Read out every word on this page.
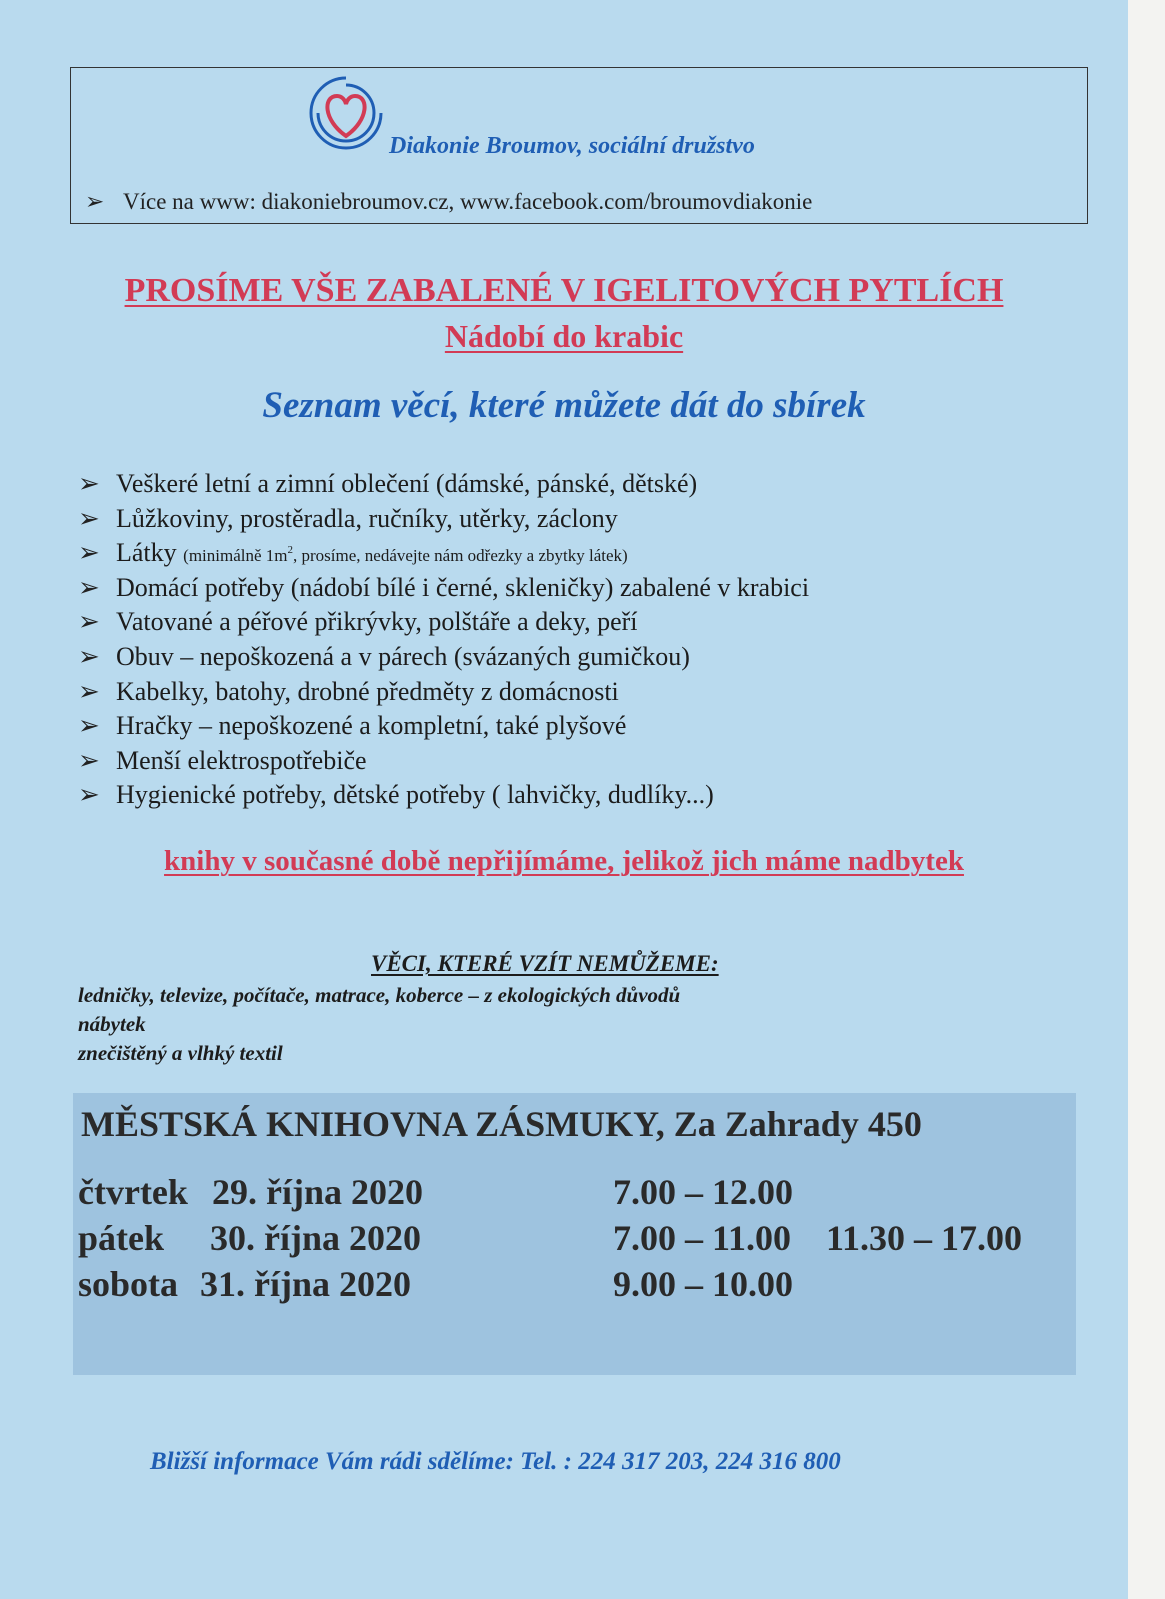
Diakonie Broumov, sociální družstvo
➢ Více na www: diakoniebroumov.cz, www.facebook.com/broumovdiakonie
PROSÍME VŠE ZABALENÉ V IGELITOVÝCH PYTLÍCH
Nádobí do krabic
Seznam věcí, které můžete dát do sbírek
➢ Veškeré letní a zimní oblečení (dámské, pánské, dětské)
➢ Lůžkoviny, prostěradla, ručníky, utěrky, záclony
➢ Látky (minimálně $1m^2$, prosíme, nedávejte nám odřezky a zbytky látek)
➢ Domácí potřeby (nádobí bílé i černé, skleničky) zabalené v krabici
➢ Vatované a péřové přikrývky, polštáře a deky, peří
➢ Obuv – nepoškozená a v párech (svázaných gumičkou)
➢ Kabelky, batohy, drobné předměty z domácnosti
➢ Hračky – nepoškozené a kompletní, také plyšové
➢ Menší elektrospotřebiče
➢ Hygienické potřeby, dětské potřeby ( lahvičky, dudlíky...)
knihy v současné době nepřijímáme, jelikož jich máme nadbytek
VĚCI, KTERÉ VZÍT NEMŮŽEME:
ledničky, televize, počítače, matrace, koberce – z ekologických důvodů
nábytek
znečištěný a vlhký textil
MĚSTSKÁ KNIHOVNA ZÁSMUKY, Za Zahrady 450
čtvrtek 29. října 2020	7.00 – 12.00
pátek 30. října 2020	7.00 – 11.00 11.30 – 17.00
sobota 31. října 2020	9.00 – 10.00
Bližší informace Vám rádi sdělíme: Tel. : 224 317 203, 224 316 800
